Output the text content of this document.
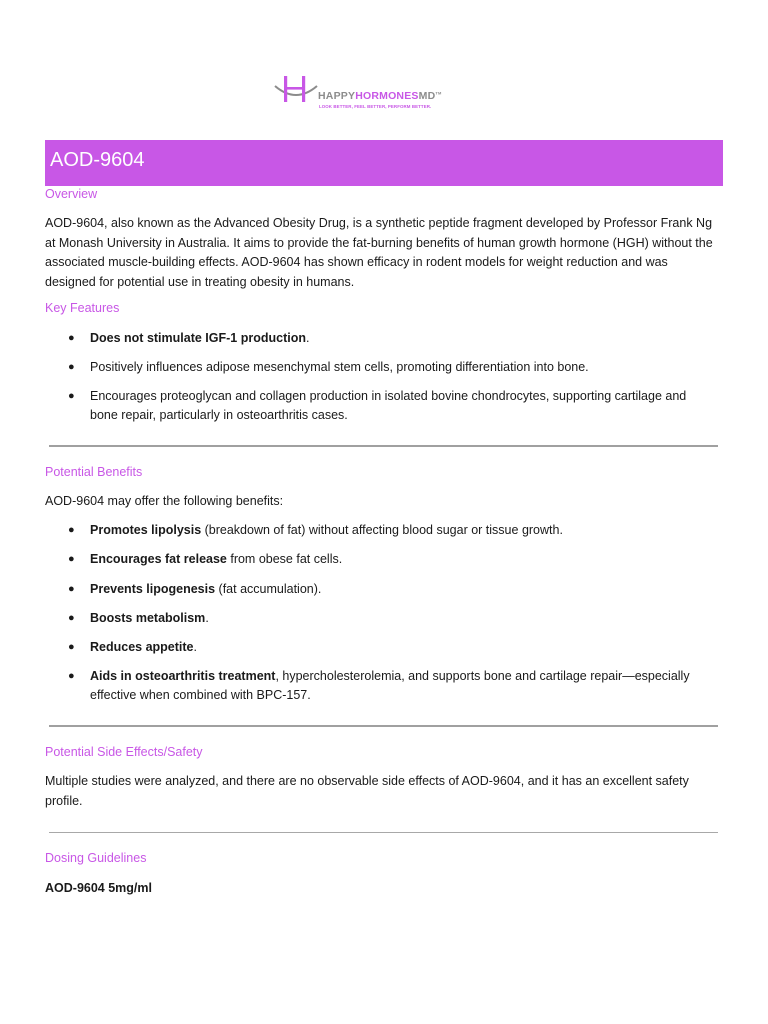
HAPPYHORMONESMD™
LOOK BETTER, FEEL BETTER, PERFORM BETTER.
AOD-9604
Overview

AOD-9604, also known as the Advanced Obesity Drug, is a synthetic peptide fragment developed by Professor Frank Ng at Monash University in Australia. It aims to provide the fat-burning benefits of human growth hormone (HGH) without the associated muscle-building effects. AOD-9604 has shown efficacy in rodent models for weight reduction and was designed for potential use in treating obesity in humans.

Key Features
● Does not stimulate IGF-1 production.
● Positively influences adipose mesenchymal stem cells, promoting differentiation into bone.
● Encourages proteoglycan and collagen production in isolated bovine chondrocytes, supporting cartilage and bone repair, particularly in osteoarthritis cases.
Potential Benefits

AOD-9604 may offer the following benefits:

● Promotes lipolysis (breakdown of fat) without affecting blood sugar or tissue growth.
● Encourages fat release from obese fat cells.
● Prevents lipogenesis (fat accumulation).
● Boosts metabolism.
● Reduces appetite.
● Aids in osteoarthritis treatment, hypercholesterolemia, and supports bone and cartilage repair—especially effective when combined with BPC-157.
Potential Side Effects/Safety

Multiple studies were analyzed, and there are no observable side effects of AOD-9604, and it has an excellent safety profile.

Dosing Guidelines

AOD-9604 5mg/ml
